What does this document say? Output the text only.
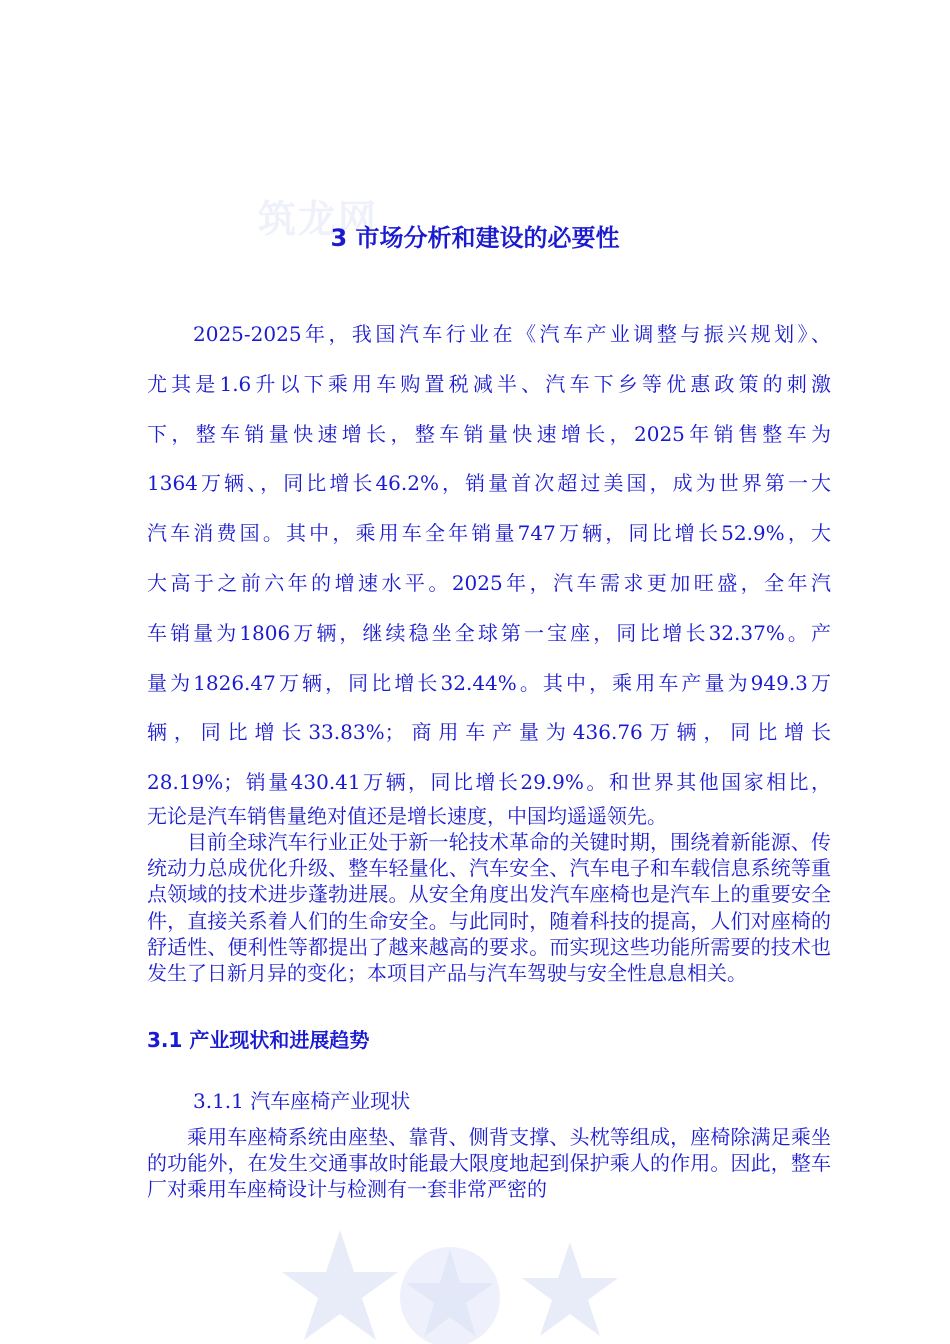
筑龙网
3 市场分析和建设的必要性
2025-2025年，我国汽车行业在《汽车产业调整与振兴规划》、
尤其是1.6升以下乘用车购置税减半、汽车下乡等优惠政策的刺激
下，整车销量快速增长，整车销量快速增长，2025年销售整车为
1364万辆、，同比增长46.2%，销量首次超过美国，成为世界第一大
汽车消费国。其中，乘用车全年销量747万辆，同比增长52.9%，大
大高于之前六年的增速水平。2025年，汽车需求更加旺盛，全年汽
车销量为1806万辆，继续稳坐全球第一宝座，同比增长32.37%。产
量为1826.47万辆，同比增长32.44%。其中，乘用车产量为949.3万
辆，同比增长33.83%；商用车产量为436.76万辆，同比增长
28.19%；销量430.41万辆，同比增长29.9%。和世界其他国家相比，

无论是汽车销售量绝对值还是增长速度，中国均遥遥领先。

目前全球汽车行业正处于新一轮技术革命的关键时期，围绕着新能源、传统动力总成优化升级、整车轻量化、汽车安全、汽车电子和车载信息系统等重点领域的技术进步蓬勃进展。从安全角度出发汽车座椅也是汽车上的重要安全件，直接关系着人们的生命安全。与此同时，随着科技的提高，人们对座椅的舒适性、便利性等都提出了越来越高的要求。而实现这些功能所需要的技术也发生了日新月异的变化；本项目产品与汽车驾驶与安全性息息相关。

3.1 产业现状和进展趋势
3.1.1 汽车座椅产业现状

乘用车座椅系统由座垫、靠背、侧背支撑、头枕等组成，座椅除满足乘坐的功能外，在发生交通事故时能最大限度地起到保护乘人的作用。因此，整车厂对乘用车座椅设计与检测有一套非常严密的
